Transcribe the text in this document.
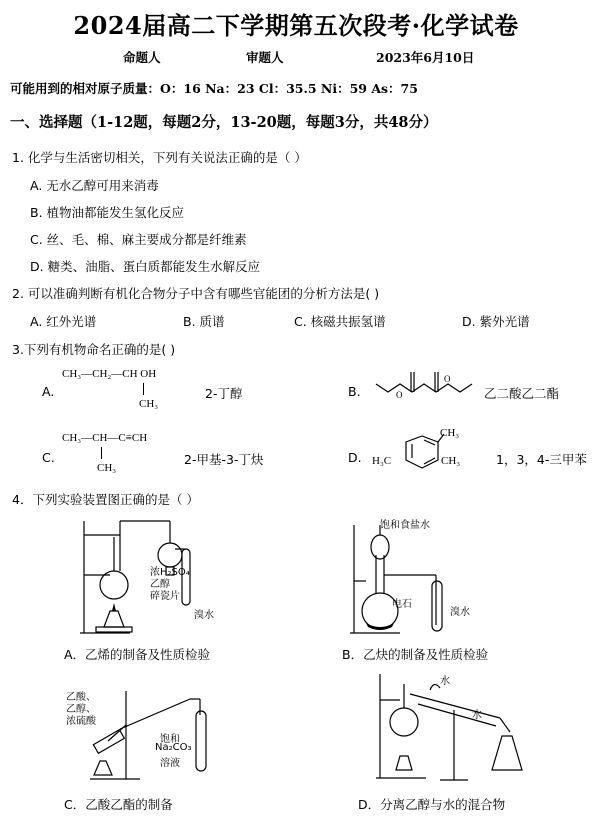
2024届高二下学期第五次段考·化学试卷
命题人	审题人	2023年6月10日
可能用到的相对原子质量：O：16 Na：23 Cl：35.5 Ni：59 As：75
一、选择题（1-12题，每题2分，13-20题，每题3分，共48分）
1. 化学与生活密切相关，下列有关说法正确的是（ ）
A. 无水乙醇可用来消毒
B. 植物油都能发生氢化反应
C. 丝、毛、棉、麻主要成分都是纤维素
D. 糖类、油脂、蛋白质都能发生水解反应
2. 可以准确判断有机化合物分子中含有哪些官能团的分析方法是( )
A. 红外光谱	B. 质谱	C. 核磁共振氢谱	D. 紫外光谱
3.下列有机物命名正确的是( )
A.
CH₃—CH₂—CH OH
CH₃
2-丁醇	B.	O
O
乙二酸乙二酯
C.
CH₃—CH—C≡CH
CH₃
2-甲基-3-丁炔	D.
CH₃
H₃C	CH₃	1，3，4-三甲苯
4．下列实验装置图正确的是（ ）
浓H₂SO₄
乙醇
碎瓷片
溴水
A．乙烯的制备及性质检验
饱和食盐水
电石
溴水
B．乙炔的制备及性质检验
乙酸、
乙醇、
浓硫酸
饱和
Na₂CO₃
溶液
C．乙酸乙酯的制备
水
水
D．分离乙醇与水的混合物
